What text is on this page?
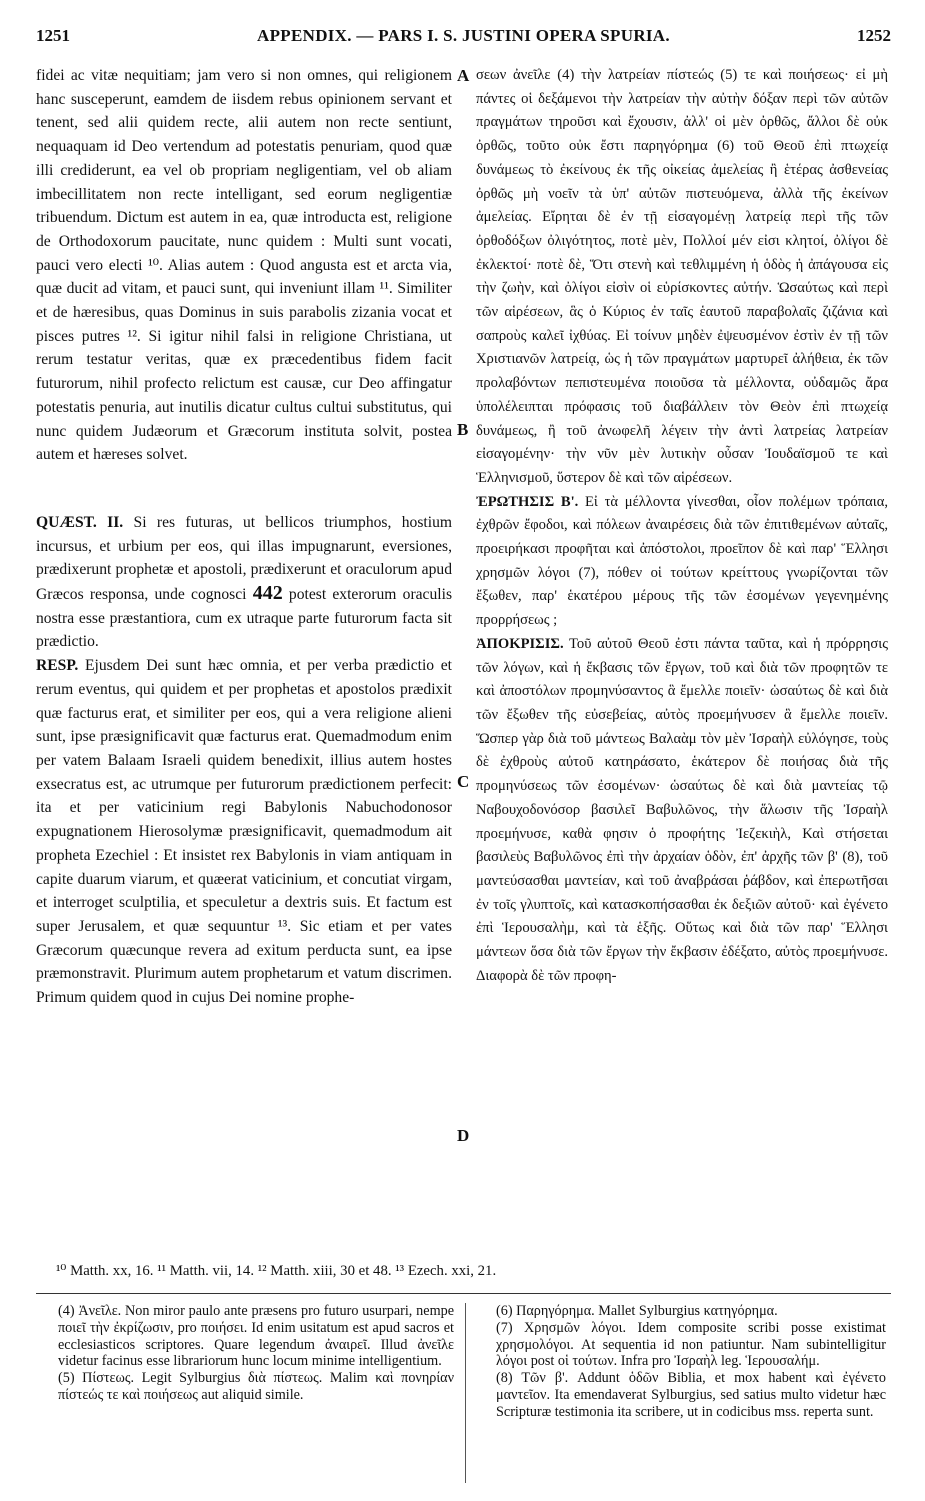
1251	APPENDIX. — PARS I. S. JUSTINI OPERA SPURIA.	1252

fidei ac vitæ nequitiam; jam vero si non omnes, qui religionem hanc susceperunt, eamdem de iisdem rebus opinionem servant et tenent, sed alii quidem recte, alii autem non recte sentiunt, nequaquam id Deo vertendum ad potestatis penuriam, quod quæ illi crediderunt, ea vel ob propriam negligentiam, vel ob aliam imbecillitatem non recte intelligant, sed eorum negligentiæ tribuendum. Dictum est autem in ea, quæ introducta est, religione de Orthodoxorum paucitate, nunc quidem : Multi sunt vocati, pauci vero electi ¹⁰. Alias autem : Quod angusta est et arcta via, quæ ducit ad vitam, et pauci sunt, qui inveniunt illam ¹¹. Similiter et de hæresibus, quas Dominus in suis parabolis zizania vocat et pisces putres ¹². Si igitur nihil falsi in religione Christiana, ut rerum testatur veritas, quæ ex præcedentibus fidem facit futurorum, nihil profecto relictum est causæ, cur Deo affingatur potestatis penuria, aut inutilis dicatur cultus cultui substitutus, qui nunc quidem Judæorum et Græcorum instituta solvit, postea autem et hæreses solvet.

QUÆST. II. Si res futuras, ut bellicos triumphos, hostium incursus, et urbium per eos, qui illas impugnarunt, eversiones, prædixerunt prophetæ et apostoli, prædixerunt et oraculorum apud Græcos responsa, unde cognosci 442 potest exterorum oraculis nostra esse præstantiora, cum ex utraque parte futurorum facta sit prædictio.

RESP. Ejusdem Dei sunt hæc omnia, et per verba prædictio et rerum eventus, qui quidem et per prophetas et apostolos prædixit quæ facturus erat, et similiter per eos, qui a vera religione alieni sunt, ipse præsignificavit quæ facturus erat. Quemadmodum enim per vatem Balaam Israeli quidem benedixit, illius autem hostes exsecratus est, ac utrumque per futurorum prædictionem perfecit: ita et per vaticinium regi Babylonis Nabuchodonosor expugnationem Hierosolymæ præsignificavit, quemadmodum ait propheta Ezechiel : Et insistet rex Babylonis in viam antiquam in capite duarum viarum, et quæerat vaticinium, et concutiat virgam, et interroget sculptilia, et speculetur a dextris suis. Et factum est super Jerusalem, et quæ sequuntur ¹³. Sic etiam et per vates Græcorum quæcunque revera ad exitum perducta sunt, ea ipse præmonstravit. Plurimum autem prophetarum et vatum discrimen. Primum quidem quod in cujus Dei nomine prophe-

A
B
C
D

σεων ἀνεῖλε (4) τὴν λατρείαν πίστεώς (5) τε καὶ ποιήσεως· εἰ μὴ πάντες οἱ δεξάμενοι τὴν λατρείαν τὴν αὐτὴν δόξαν περὶ τῶν αὐτῶν πραγμάτων τηροῦσι καὶ ἔχουσιν, ἀλλ' οἱ μὲν ὀρθῶς, ἄλλοι δὲ οὐκ ὀρθῶς, τοῦτο οὐκ ἔστι παρηγόρημα (6) τοῦ Θεοῦ ἐπὶ πτωχείᾳ δυνάμεως τὸ ἐκείνους ἐκ τῆς οἰκείας ἀμελείας ἢ ἑτέρας ἀσθενείας ὀρθῶς μὴ νοεῖν τὰ ὑπ' αὐτῶν πιστευόμενα, ἀλλὰ τῆς ἐκείνων ἀμελείας. Εἴρηται δὲ ἐν τῇ εἰσαγομένῃ λατρείᾳ περὶ τῆς τῶν ὀρθοδόξων ὀλιγότητος, ποτὲ μὲν, Πολλοί μέν εἰσι κλητοί, ὀλίγοι δὲ ἐκλεκτοί· ποτὲ δὲ, Ὅτι στενὴ καὶ τεθλιμμένη ἡ ὁδὸς ἡ ἀπάγουσα εἰς τὴν ζωὴν, καὶ ὀλίγοι εἰσὶν οἱ εὑρίσκοντες αὐτήν. Ὡσαύτως καὶ περὶ τῶν αἱρέσεων, ἃς ὁ Κύριος ἐν ταῖς ἑαυτοῦ παραβολαῖς ζιζάνια καὶ σαπροὺς καλεῖ ἰχθύας. Εἰ τοίνυν μηδὲν ἐψευσμένον ἐστὶν ἐν τῇ τῶν Χριστιανῶν λατρείᾳ, ὡς ἡ τῶν πραγμάτων μαρτυρεῖ ἀλήθεια, ἐκ τῶν προλαβόντων πεπιστευμένα ποιοῦσα τὰ μέλλοντα, οὐδαμῶς ἄρα ὑπολέλειπται πρόφασις τοῦ διαβάλλειν τὸν Θεὸν ἐπὶ πτωχείᾳ δυνάμεως, ἢ τοῦ ἀνωφελῆ λέγειν τὴν ἀντὶ λατρείας λατρείαν εἰσαγομένην· τὴν νῦν μὲν λυτικὴν οὖσαν Ἰουδαϊσμοῦ τε καὶ Ἑλληνισμοῦ, ὕστερον δὲ καὶ τῶν αἱρέσεων.

ἘΡΩΤΗΣΙΣ Β'. Εἰ τὰ μέλλοντα γίνεσθαι, οἷον πολέμων τρόπαια, ἐχθρῶν ἔφοδοι, καὶ πόλεων ἀναιρέσεις διὰ τῶν ἐπιτιθεμένων αὐταῖς, προειρήκασι προφῆται καὶ ἀπόστολοι, προεῖπον δὲ καὶ παρ' Ἕλλησι χρησμῶν λόγοι (7), πόθεν οἱ τούτων κρείττους γνωρίζονται τῶν ἔξωθεν, παρ' ἑκατέρου μέρους τῆς τῶν ἐσομένων γεγενημένης προρρήσεως ;

ἈΠΟΚΡΙΣΙΣ. Τοῦ αὐτοῦ Θεοῦ ἐστι πάντα ταῦτα, καὶ ἡ πρόρρησις τῶν λόγων, καὶ ἡ ἔκβασις τῶν ἔργων, τοῦ καὶ διὰ τῶν προφητῶν τε καὶ ἀποστόλων προμηνύσαντος ἃ ἔμελλε ποιεῖν· ὡσαύτως δὲ καὶ διὰ τῶν ἔξωθεν τῆς εὐσεβείας, αὐτὸς προεμήνυσεν ἃ ἔμελλε ποιεῖν. Ὥσπερ γὰρ διὰ τοῦ μάντεως Βαλαὰμ τὸν μὲν Ἰσραὴλ εὐλόγησε, τοὺς δὲ ἐχθροὺς αὐτοῦ κατηράσατο, ἑκάτερον δὲ ποιήσας διὰ τῆς προμηνύσεως τῶν ἐσομένων· ὡσαύτως δὲ καὶ διὰ μαντείας τῷ Ναβουχοδονόσορ βασιλεῖ Βαβυλῶνος, τὴν ἅλωσιν τῆς Ἰσραὴλ προεμήνυσε, καθὰ φησιν ὁ προφήτης Ἰεζεκιὴλ, Καὶ στήσεται βασιλεὺς Βαβυλῶνος ἐπὶ τὴν ἀρχαίαν ὁδὸν, ἐπ' ἀρχῆς τῶν β' (8), τοῦ μαντεύσασθαι μαντείαν, καὶ τοῦ ἀναβράσαι ῥάβδον, καὶ ἐπερωτῆσαι ἐν τοῖς γλυπτοῖς, καὶ κατασκοπήσασθαι ἐκ δεξιῶν αὐτοῦ· καὶ ἐγένετο ἐπὶ Ἱερουσαλὴμ, καὶ τὰ ἑξῆς. Οὕτως καὶ διὰ τῶν παρ' Ἕλλησι μάντεων ὅσα διὰ τῶν ἔργων τὴν ἔκβασιν ἐδέξατο, αὐτὸς προεμήνυσε. Διαφορὰ δὲ τῶν προφη-

¹⁰ Matth. xx, 16. ¹¹ Matth. vii, 14. ¹² Matth. xiii, 30 et 48. ¹³ Ezech. xxi, 21.

(4) Ἀνεῖλε. Non miror paulo ante præsens pro futuro usurpari, nempe ποιεῖ τὴν ἐκρίζωσιν, pro ποιήσει. Id enim usitatum est apud sacros et ecclesiasticos scriptores. Quare legendum ἀναιρεῖ. Illud ἀνεῖλε videtur facinus esse librariorum hunc locum minime intelligentium.

(5) Πίστεως. Legit Sylburgius διὰ πίστεως. Malim καὶ πονηρίαν πίστεώς τε καὶ ποιήσεως aut aliquid simile.

(6) Παρηγόρημα. Mallet Sylburgius κατηγόρημα.

(7) Χρησμῶν λόγοι. Idem composite scribi posse existimat χρησμολόγοι. At sequentia id non patiuntur. Nam subintelligitur λόγοι post οἱ τούτων. Infra pro Ἰσραὴλ leg. Ἱερουσαλήμ.

(8) Τῶν β'. Addunt ὁδῶν Biblia, et mox habent καὶ ἐγένετο μαντεῖον. Ita emendaverat Sylburgius, sed satius multo videtur hæc Scripturæ testimonia ita scribere, ut in codicibus mss. reperta sunt.
